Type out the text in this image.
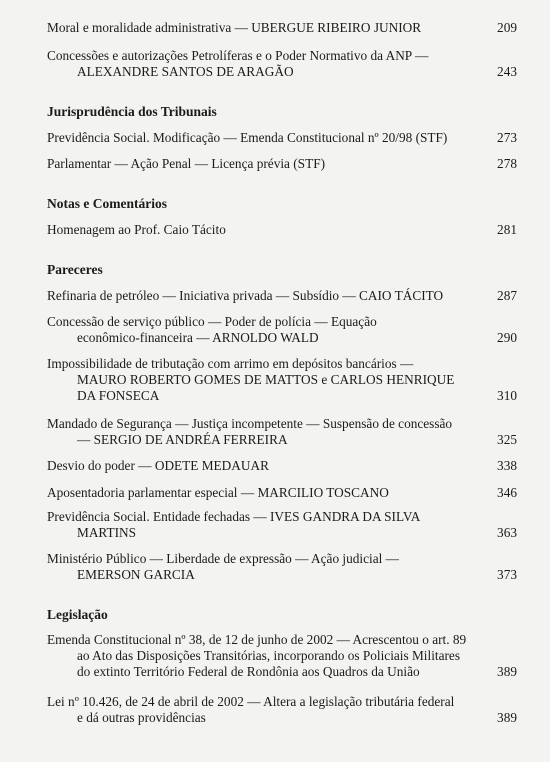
Moral e moralidade administrativa — UBERGUE RIBEIRO JUNIOR	209
Concessões e autorizações Petrolíferas e o Poder Normativo da ANP —
ALEXANDRE SANTOS DE ARAGÃO	243
Jurisprudência dos Tribunais
Previdência Social. Modificação — Emenda Constitucional nº 20/98 (STF)	273
Parlamentar — Ação Penal — Licença prévia (STF)	278
Notas e Comentários
Homenagem ao Prof. Caio Tácito	281
Pareceres
Refinaria de petróleo — Iniciativa privada — Subsídio — CAIO TÁCITO	287
Concessão de serviço público — Poder de polícia — Equação
econômico-financeira — ARNOLDO WALD	290
Impossibilidade de tributação com arrimo em depósitos bancários —
MAURO ROBERTO GOMES DE MATTOS e CARLOS HENRIQUE
DA FONSECA	310
Mandado de Segurança — Justiça incompetente — Suspensão de concessão
— SERGIO DE ANDRÉA FERREIRA	325
Desvio do poder — ODETE MEDAUAR	338
Aposentadoria parlamentar especial — MARCILIO TOSCANO	346
Previdência Social. Entidade fechadas — IVES GANDRA DA SILVA
MARTINS	363
Ministério Público — Liberdade de expressão — Ação judicial —
EMERSON GARCIA	373
Legislação
Emenda Constitucional nº 38, de 12 de junho de 2002 — Acrescentou o art. 89
ao Ato das Disposições Transitórias, incorporando os Policiais Militares
do extinto Território Federal de Rondônia aos Quadros da União	389
Lei nº 10.426, de 24 de abril de 2002 — Altera a legislação tributária federal
e dá outras providências	389
